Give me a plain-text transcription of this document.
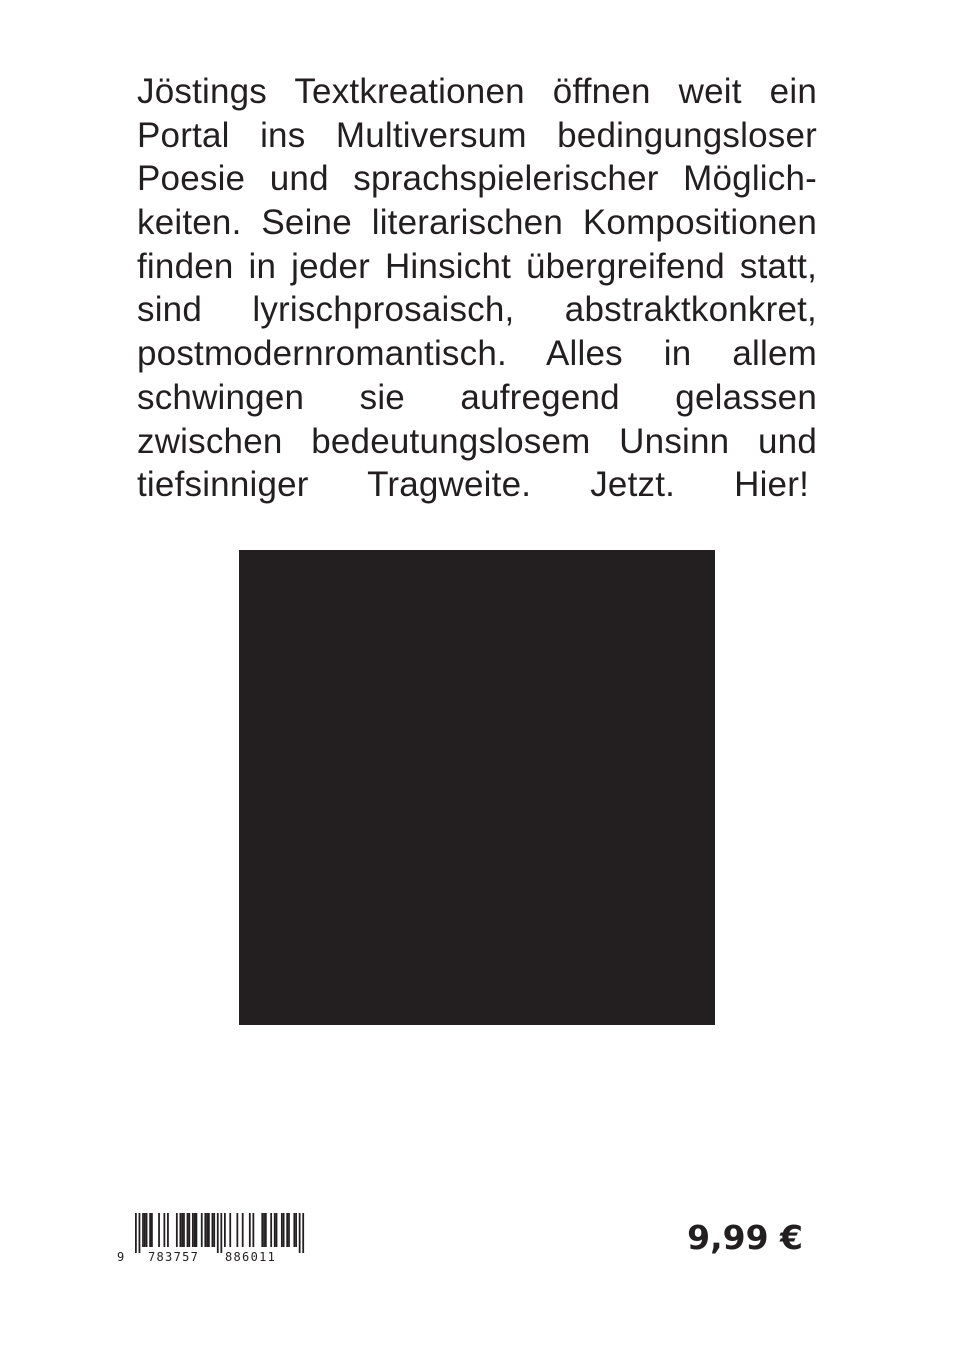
Jöstings Textkreationen öffnen weit ein
Portal ins Multiversum bedingungsloser
Poesie und sprachspielerischer Möglich-
keiten. Seine literarischen Kompositionen
finden in jeder Hinsicht übergreifend statt,
sind lyrischprosaisch, abstraktkonkret,
postmodernromantisch. Alles in allem
schwingen sie aufregend gelassen
zwischen bedeutungslosem Unsinn und
tiefsinniger Tragweite. Jetzt. Hier!
9 783757 886011	9,99 €
